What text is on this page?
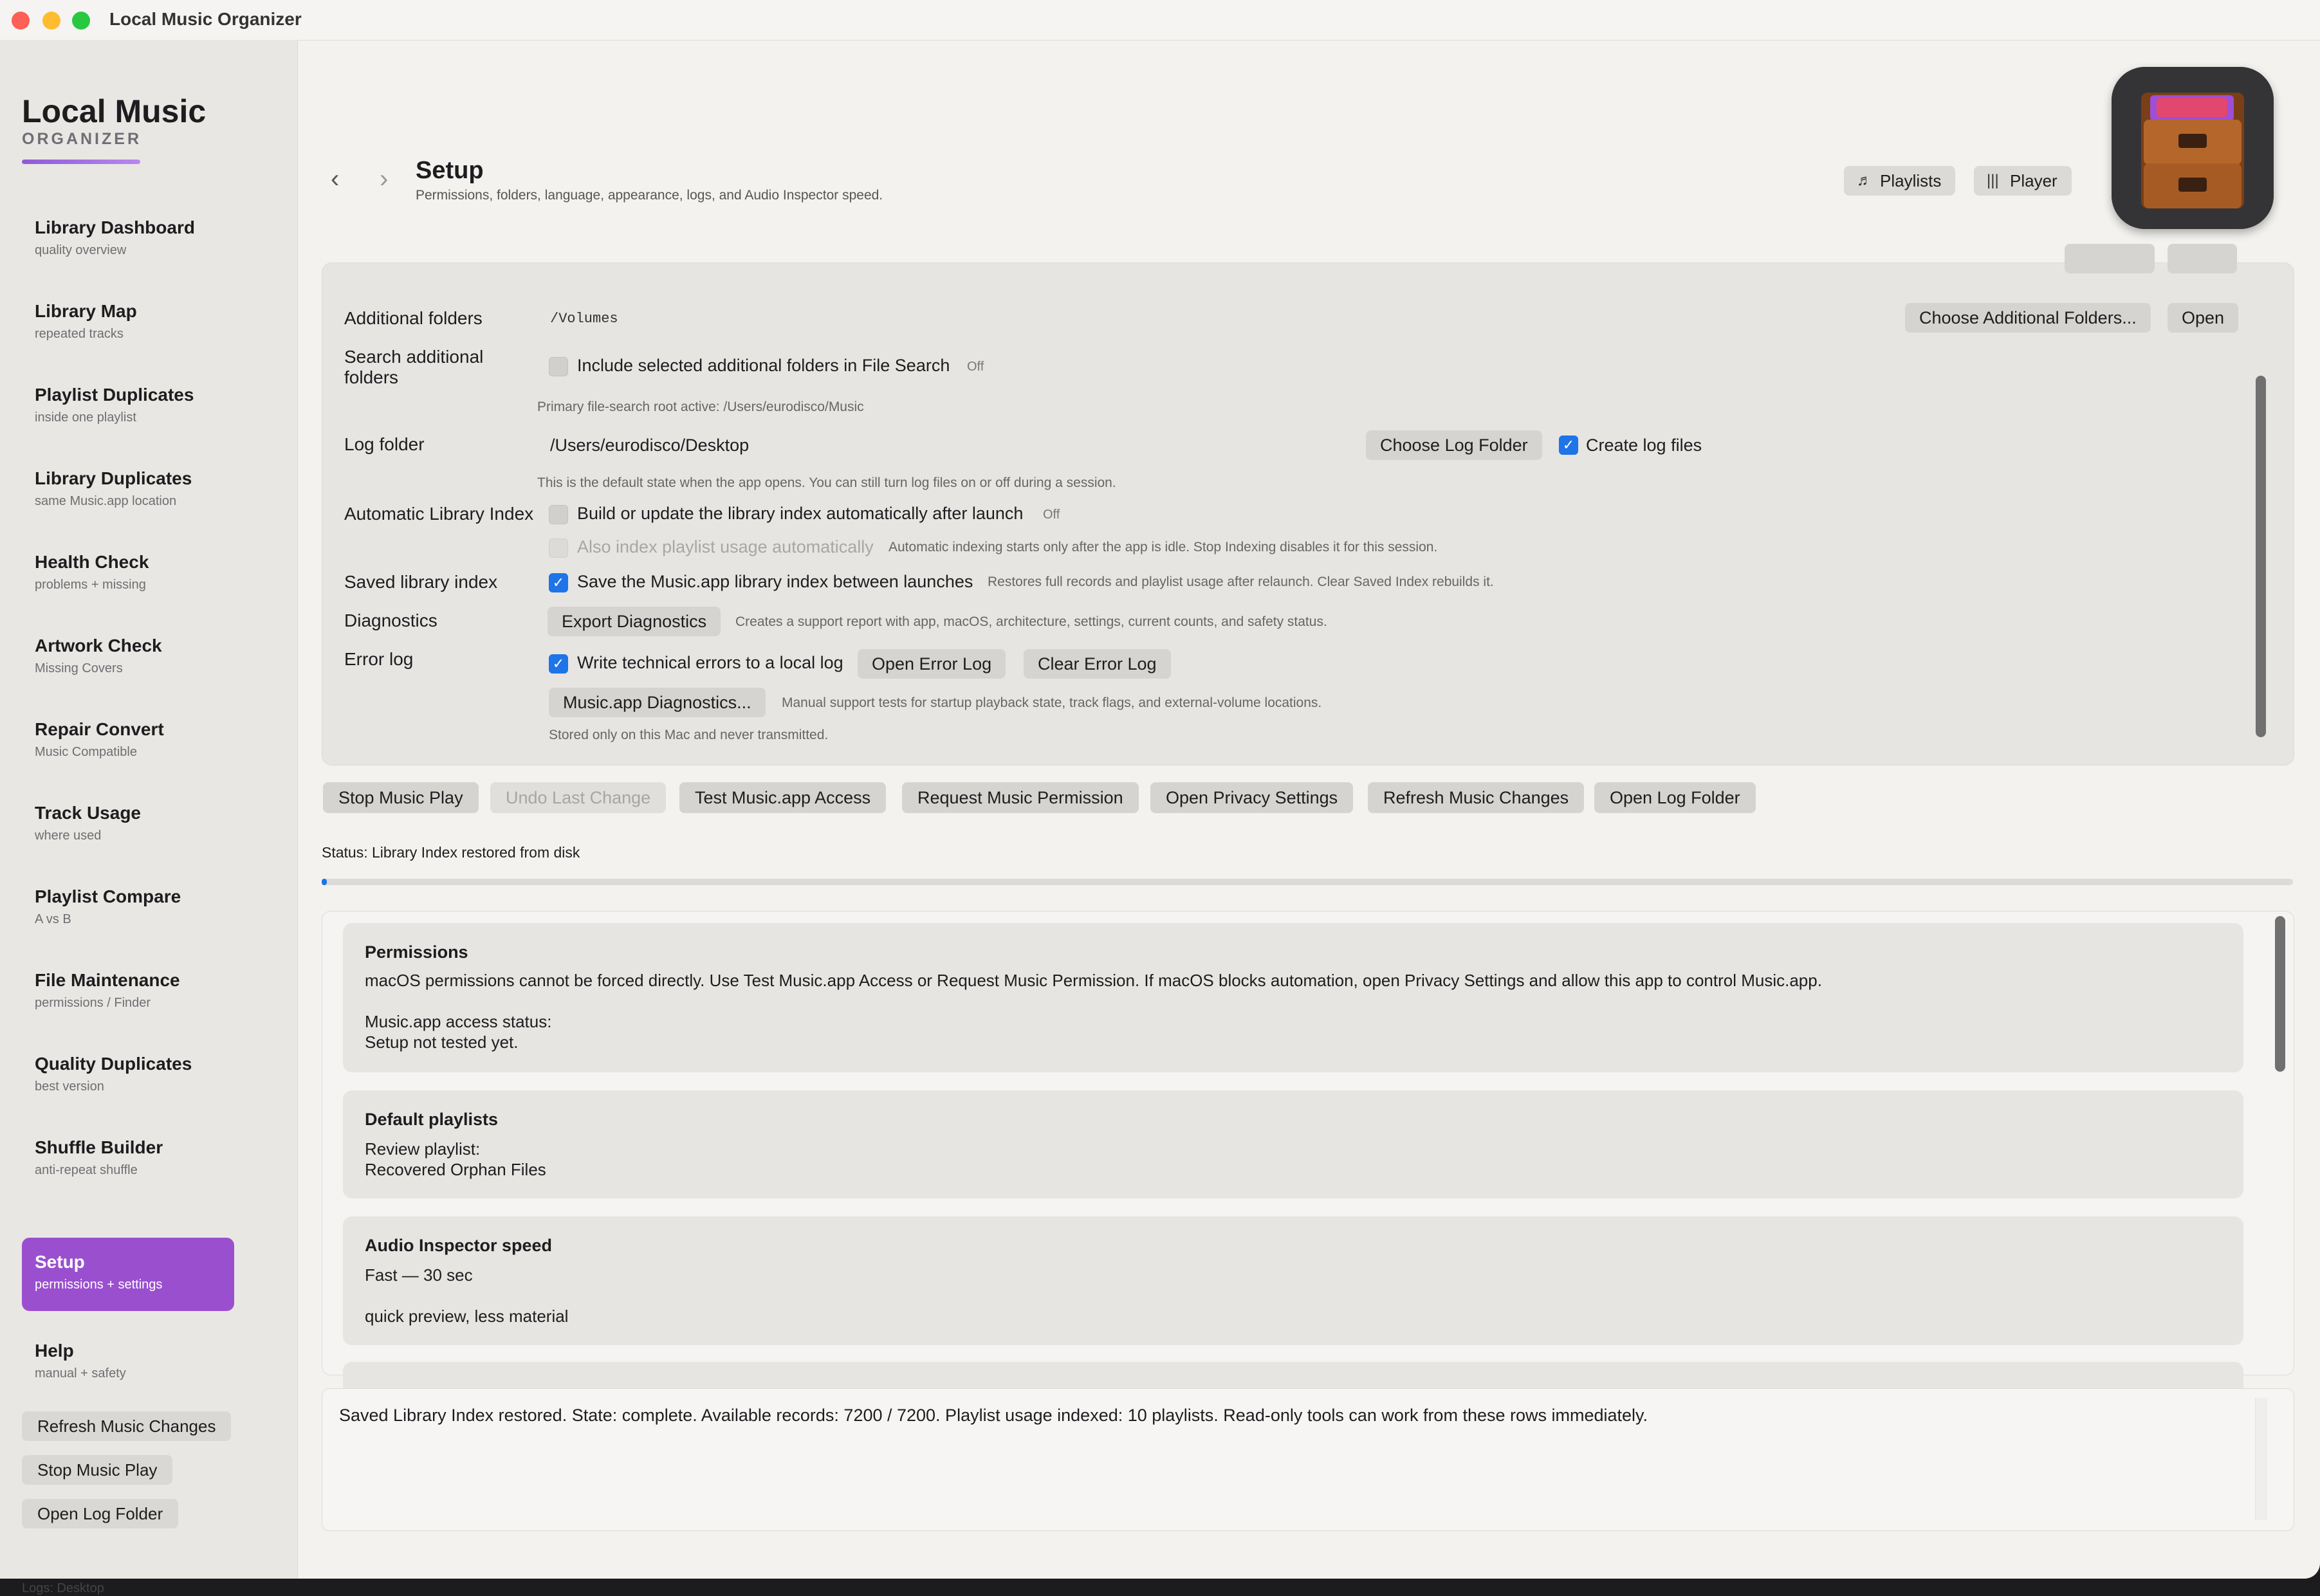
Local Music Organizer
Local Music
ORGANIZER
Library Dashboard
quality overview
Library Map
repeated tracks
Playlist Duplicates
inside one playlist
Library Duplicates
same Music.app location
Health Check
problems + missing
Artwork Check
Missing Covers
Repair Convert
Music Compatible
Track Usage
where used
Playlist Compare
A vs B
File Maintenance
permissions / Finder
Quality Duplicates
best version
Shuffle Builder
anti-repeat shuffle
Setup
permissions + settings
Help
manual + safety
Refresh Music Changes
Stop Music Play
Open Log Folder
Logs: Desktop
‹ › Setup
Permissions, folders, language, appearance, logs, and Audio Inspector speed.
♬ Playlists	||| Player
Additional folders	/Volumes	Choose Additional Folders...	Open
Search additional
folders
Include selected additional folders in File Search Off
Primary file-search root active: /Users/eurodisco/Music
Log folder	/Users/eurodisco/Desktop	Choose Log Folder	✓ Create log files
This is the default state when the app opens. You can still turn log files on or off during a session.
Automatic Library Index	Build or update the library index automatically after launch Off
Also index playlist usage automatically Automatic indexing starts only after the app is idle. Stop Indexing disables it for this session.
Saved library index	✓ Save the Music.app library index between launches Restores full records and playlist usage after relaunch. Clear Saved Index rebuilds it.
Diagnostics	Export Diagnostics	Creates a support report with app, macOS, architecture, settings, current counts, and safety status.
Error log	✓ Write technical errors to a local log	Open Error Log	Clear Error Log
Music.app Diagnostics...	Manual support tests for startup playback state, track flags, and external-volume locations.
Stored only on this Mac and never transmitted.
Stop Music Play	Undo Last Change	Test Music.app Access	Request Music Permission	Open Privacy Settings	Refresh Music Changes	Open Log Folder
Status: Library Index restored from disk
Permissions
macOS permissions cannot be forced directly. Use Test Music.app Access or Request Music Permission. If macOS blocks automation, open Privacy Settings and allow this app to control Music.app.
Music.app access status:
Setup not tested yet.
Default playlists
Review playlist:
Recovered Orphan Files
Audio Inspector speed
Fast — 30 sec
quick preview, less material
Saved Library Index restored. State: complete. Available records: 7200 / 7200. Playlist usage indexed: 10 playlists. Read-only tools can work from these rows immediately.
